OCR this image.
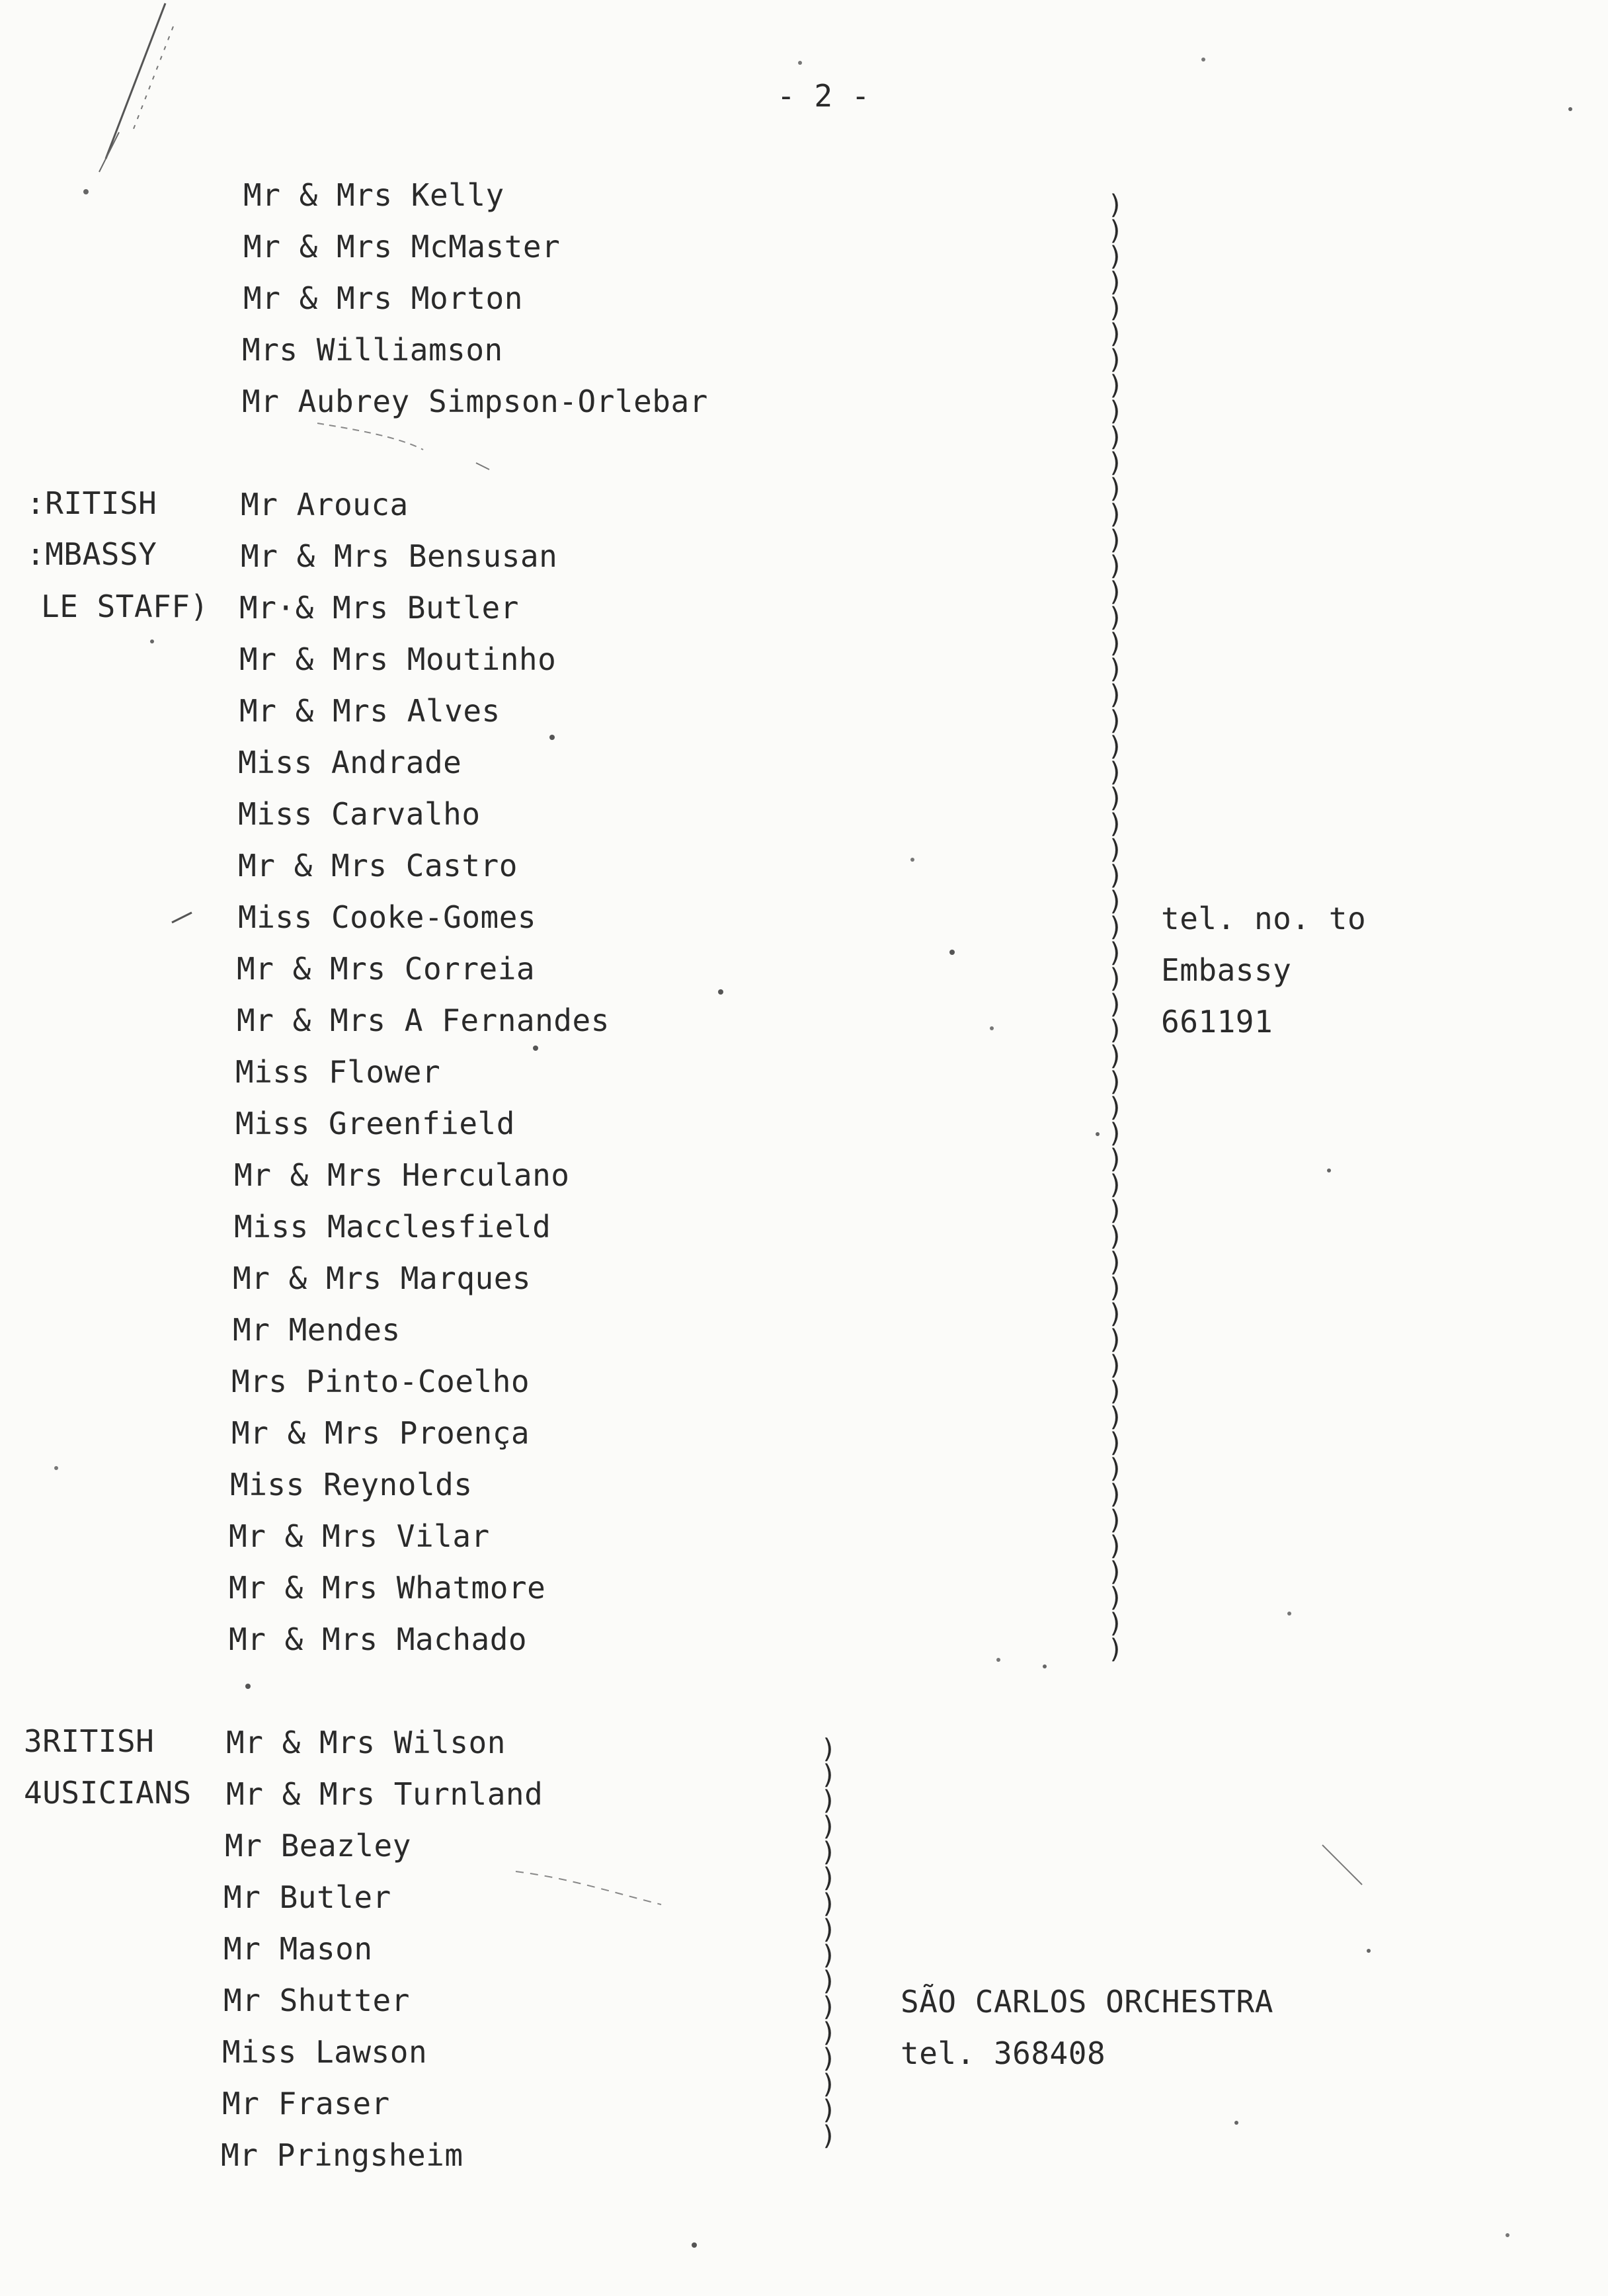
- 2 -
Mr & Mrs Kelly
Mr & Mrs McMaster
Mr & Mrs Morton
Mrs Williamson
Mr Aubrey Simpson-Orlebar
:RITISH
:MBASSY
LE STAFF)
Mr Arouca
Mr & Mrs Bensusan
Mr·& Mrs Butler
Mr & Mrs Moutinho
Mr & Mrs Alves
Miss Andrade
Miss Carvalho
Mr & Mrs Castro
Miss Cooke-Gomes
Mr & Mrs Correia
Mr & Mrs A Fernandes
Miss Flower
Miss Greenfield
Mr & Mrs Herculano
Miss Macclesfield
Mr & Mrs Marques
Mr Mendes
Mrs Pinto-Coelho
Mr & Mrs Proença
Miss Reynolds
Mr & Mrs Vilar
Mr & Mrs Whatmore
Mr & Mrs Machado
tel. no. to
Embassy
661191
3RITISH
4USICIANS
Mr & Mrs Wilson
Mr & Mrs Turnland
Mr Beazley
Mr Butler
Mr Mason
Mr Shutter
Miss Lawson
Mr Fraser
Mr Pringsheim
SÃO CARLOS ORCHESTRA
tel. 368408
)
)
)
)
)
)
)
)
)
)
)
)
)
)
)
)
)
)
)
)
)
)
)
)
)
)
)
)
)
)
)
)
)
)
)
)
)
)
)
)
)
)
)
)
)
)
)
)
)
)
)
)
)
)
)
)
)
)
)
)
)
)
)
)
)
)
)
)
)
)
)
)
)
